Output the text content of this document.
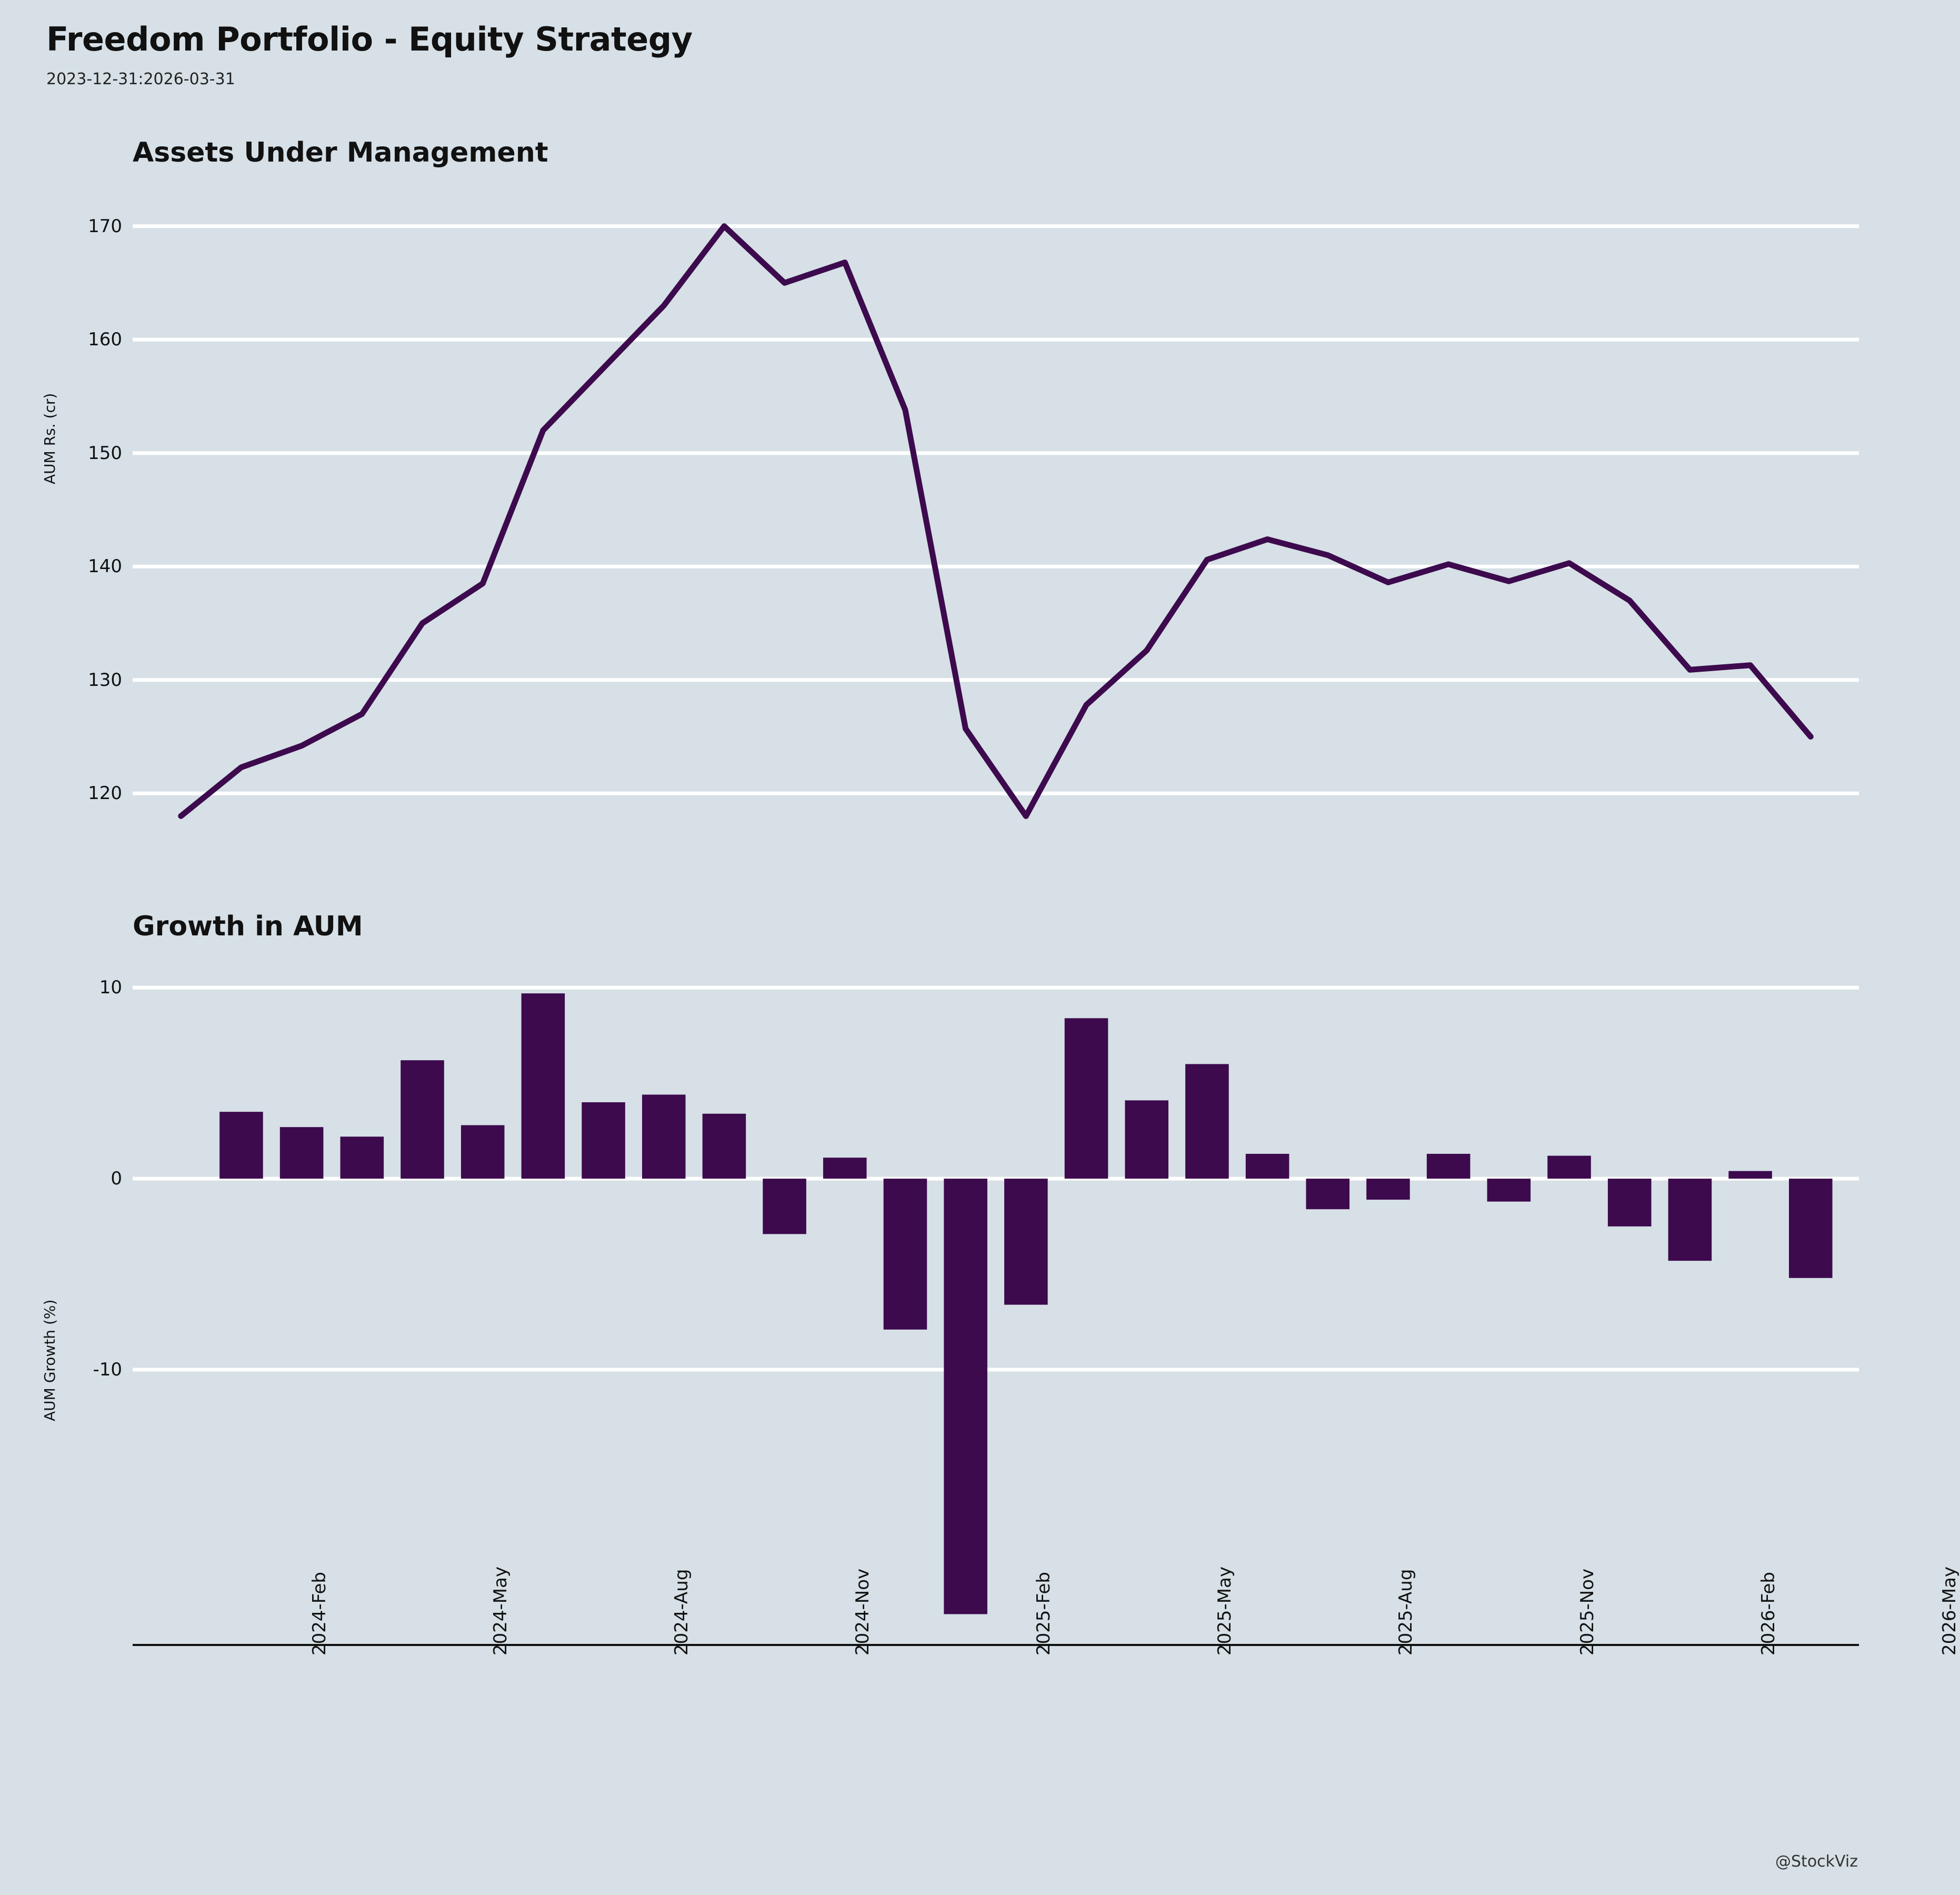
Freedom Portfolio - Equity Strategy
2023-12-31:2026-03-31
Assets Under Management
AUM Rs. (cr)
120
130
140
150
160
170
Growth in AUM
AUM Growth (%) -10
0
10
2024-Feb	2024-May	2024-Aug	2024-Nov	2025-Feb	2025-May	2025-Aug	2025-Nov	2026-Feb	2026-May
@StockViz
